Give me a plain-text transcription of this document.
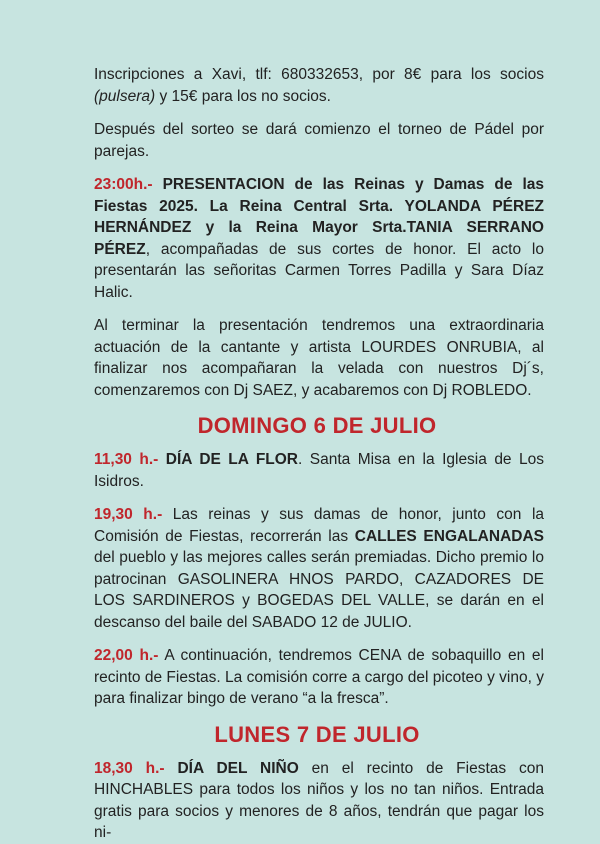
Inscripciones a Xavi, tlf: 680332653, por 8€ para los socios (pulsera) y 15€ para los no socios.

Después del sorteo se dará comienzo el torneo de Pádel por parejas.

23:00h.- PRESENTACION de las Reinas y Damas de las Fiestas 2025. La Reina Central Srta. YOLANDA PÉREZ HERNÁNDEZ y la Reina Mayor Srta.TANIA SERRANO PÉREZ, acompañadas de sus cortes de honor. El acto lo presentarán las señoritas Carmen Torres Padilla y Sara Díaz Halic.

Al terminar la presentación tendremos una extraordinaria actuación de la cantante y artista LOURDES ONRUBIA, al finalizar nos acompañaran la velada con nuestros Dj´s, comenzaremos con Dj SAEZ, y acabaremos con Dj ROBLEDO.

DOMINGO 6 DE JULIO

11,30 h.- DÍA DE LA FLOR. Santa Misa en la Iglesia de Los Isidros.

19,30 h.- Las reinas y sus damas de honor, junto con la Comisión de Fiestas, recorrerán las CALLES ENGALANADAS del pueblo y las mejores calles serán premiadas. Dicho premio lo patrocinan GASOLINERA HNOS PARDO, CAZADORES DE LOS SARDINEROS y BOGEDAS DEL VALLE, se darán en el descanso del baile del SABADO 12 de JULIO.

22,00 h.- A continuación, tendremos CENA de sobaquillo en el recinto de Fiestas. La comisión corre a cargo del picoteo y vino, y para finalizar bingo de verano “a la fresca”.

LUNES 7 DE JULIO

18,30 h.- DÍA DEL NIÑO en el recinto de Fiestas con HINCHABLES para todos los niños y los no tan niños. Entrada gratis para socios y menores de 8 años, tendrán que pagar los ni-
